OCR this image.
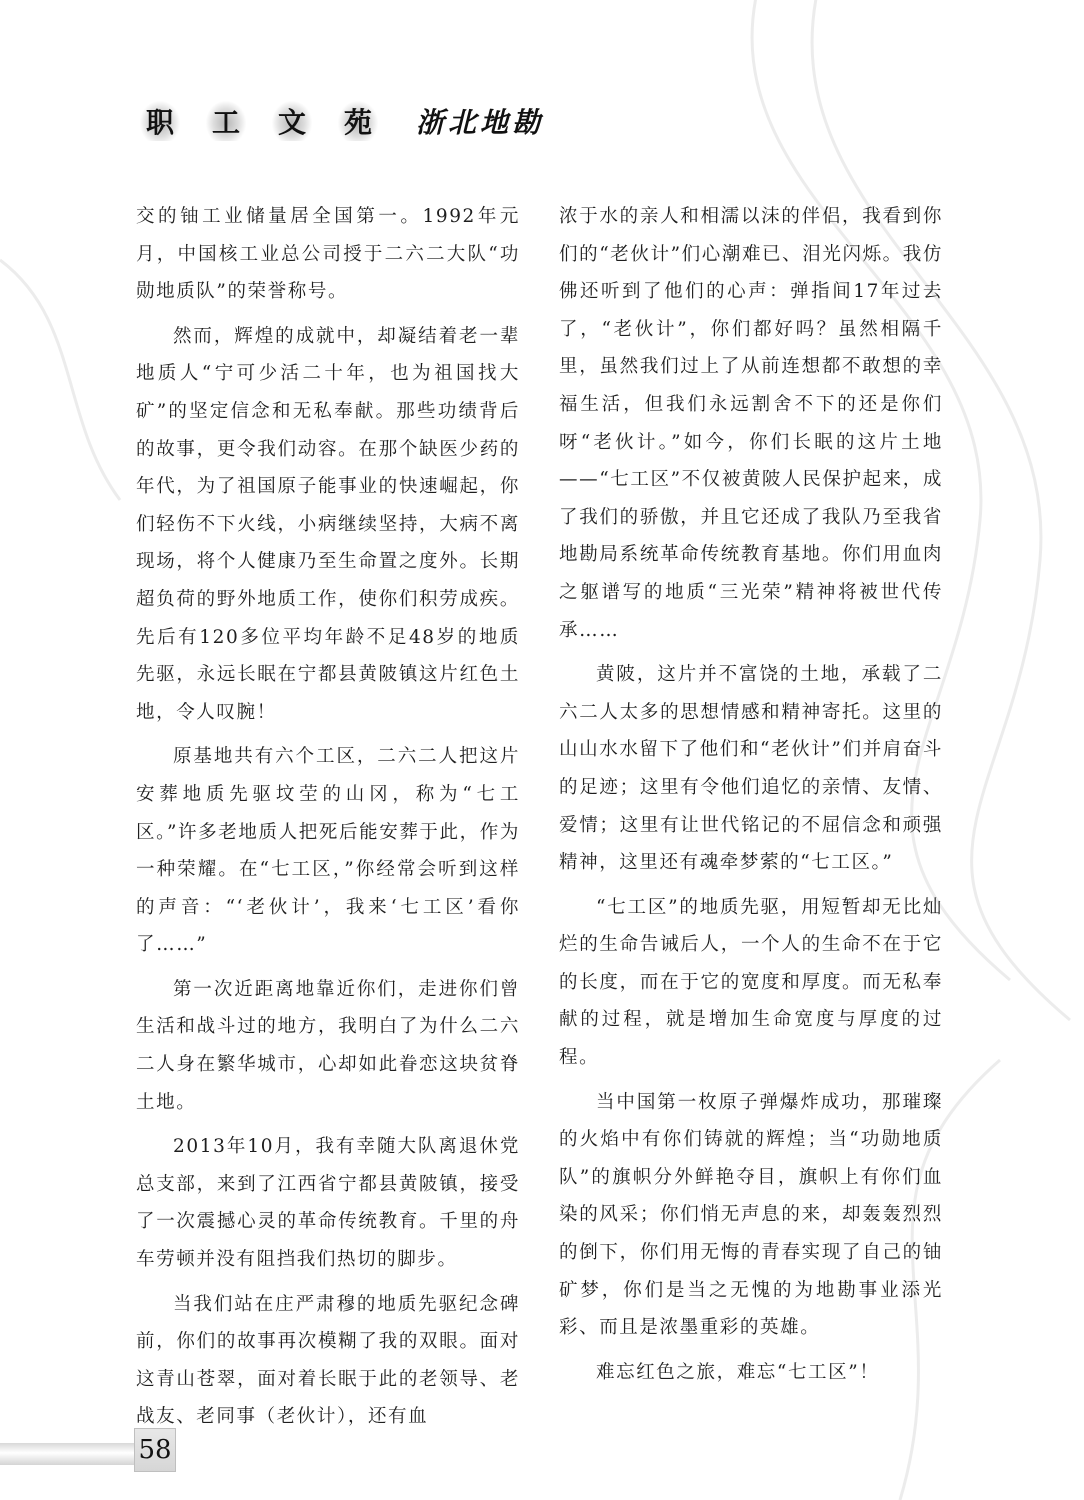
职 工 文 苑 浙北地勘

交的铀工业储量居全国第一。1992年元月，中国核工业总公司授于二六二大队“功勋地质队”的荣誉称号。

然而，辉煌的成就中，却凝结着老一辈地质人“宁可少活二十年，也为祖国找大矿”的坚定信念和无私奉献。那些功绩背后的故事，更令我们动容。在那个缺医少药的年代，为了祖国原子能事业的快速崛起，你们轻伤不下火线，小病继续坚持，大病不离现场，将个人健康乃至生命置之度外。长期超负荷的野外地质工作，使你们积劳成疾。先后有120多位平均年龄不足48岁的地质先驱，永远长眠在宁都县黄陂镇这片红色土地，令人叹腕！

原基地共有六个工区，二六二人把这片安葬地质先驱坟茔的山冈，称为“七工区。”许多老地质人把死后能安葬于此，作为一种荣耀。在“七工区，”你经常会听到这样的声音：“‘老伙计’，我来‘七工区’看你了……”

第一次近距离地靠近你们，走进你们曾生活和战斗过的地方，我明白了为什么二六二人身在繁华城市，心却如此眷恋这块贫脊土地。

2013年10月，我有幸随大队离退休党总支部，来到了江西省宁都县黄陂镇，接受了一次震撼心灵的革命传统教育。千里的舟车劳顿并没有阻挡我们热切的脚步。

当我们站在庄严肃穆的地质先驱纪念碑前，你们的故事再次模糊了我的双眼。面对这青山苍翠，面对着长眠于此的老领导、老战友、老同事（老伙计），还有血

浓于水的亲人和相濡以沫的伴侣，我看到你们的“老伙计”们心潮难已、泪光闪烁。我仿佛还听到了他们的心声：弹指间17年过去了，“老伙计”，你们都好吗？虽然相隔千里，虽然我们过上了从前连想都不敢想的幸福生活，但我们永远割舍不下的还是你们呀“老伙计。”如今，你们长眠的这片土地——“七工区”不仅被黄陂人民保护起来，成了我们的骄傲，并且它还成了我队乃至我省地勘局系统革命传统教育基地。你们用血肉之躯谱写的地质“三光荣”精神将被世代传承……

黄陂，这片并不富饶的土地，承载了二六二人太多的思想情感和精神寄托。这里的山山水水留下了他们和“老伙计”们并肩奋斗的足迹；这里有令他们追忆的亲情、友情、爱情；这里有让世代铭记的不屈信念和顽强精神，这里还有魂牵梦萦的“七工区。”

“七工区”的地质先驱，用短暂却无比灿烂的生命告诫后人，一个人的生命不在于它的长度，而在于它的宽度和厚度。而无私奉献的过程，就是增加生命宽度与厚度的过程。

当中国第一枚原子弹爆炸成功，那璀璨的火焰中有你们铸就的辉煌；当“功勋地质队”的旗帜分外鲜艳夺目，旗帜上有你们血染的风采；你们悄无声息的来，却轰轰烈烈的倒下，你们用无悔的青春实现了自己的铀矿梦，你们是当之无愧的为地勘事业添光彩、而且是浓墨重彩的英雄。

难忘红色之旅，难忘“七工区”！

58
